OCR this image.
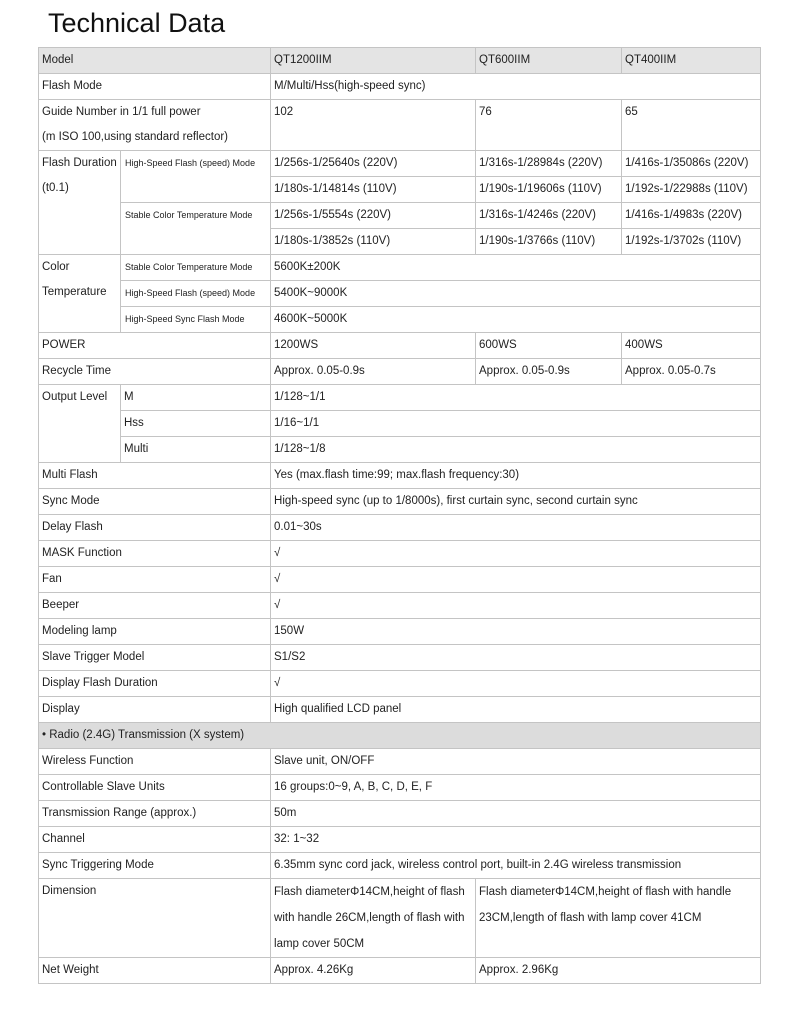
Technical Data
Model		QT1200IIM	QT600IIM	QT400IIM
Flash Mode		M/Multi/Hss(high-speed sync)		
Guide Number in 1/1 full power		102	76	65
(m ISO 100,using standard reflector)				

Flash Duration
(t0.1)	High-Speed Flash (speed) Mode	1/256s-1/25640s (220V)	1/316s-1/28984s (220V)	1/416s-1/35086s (220V)
		1/180s-1/14814s (110V)	1/190s-1/19606s (110V)	1/192s-1/22988s (110V)
	Stable Color Temperature Mode	1/256s-1/5554s (220V)	1/316s-1/4246s (220V)	1/416s-1/4983s (220V)
		1/180s-1/3852s (110V)	1/190s-1/3766s (110V)	1/192s-1/3702s (110V)

Color
Temperature	Stable Color Temperature Mode	5600K±200K		
	High-Speed Flash (speed) Mode	5400K~9000K		
	High-Speed Sync Flash Mode	4600K~5000K		
POWER		1200WS	600WS	400WS
Recycle Time		Approx. 0.05-0.9s	Approx. 0.05-0.9s	Approx. 0.05-0.7s
Output Level	M	1/128~1/1		
	Hss	1/16~1/1		
	Multi	1/128~1/8		
Multi Flash		Yes (max.flash time:99; max.flash frequency:30)		
Sync Mode		High-speed sync (up to 1/8000s), first curtain sync, second curtain sync		
Delay Flash		0.01~30s		
MASK Function		√		
Fan		√		
Beeper		√		
Modeling lamp		150W		
Slave Trigger Model		S1/S2		
Display Flash Duration		√		
Display		High qualified LCD panel		
• Radio (2.4G) Transmission (X system)				
Wireless Function		Slave unit, ON/OFF		
Controllable Slave Units		16 groups:0~9, A, B, C, D, E, F		
Transmission Range (approx.)		50m		
Channel		32: 1~32		
Sync Triggering Mode		6.35mm sync cord jack, wireless control port, built-in 2.4G wireless transmission		
Dimension		Flash diameterΦ14CM,height of flash with handle 26CM,length of flash with lamp cover 50CM	Flash diameterΦ14CM,height of flash with handle 23CM,length of flash with lamp cover 41CM	
Net Weight		Approx. 4.26Kg	Approx. 2.96Kg	
